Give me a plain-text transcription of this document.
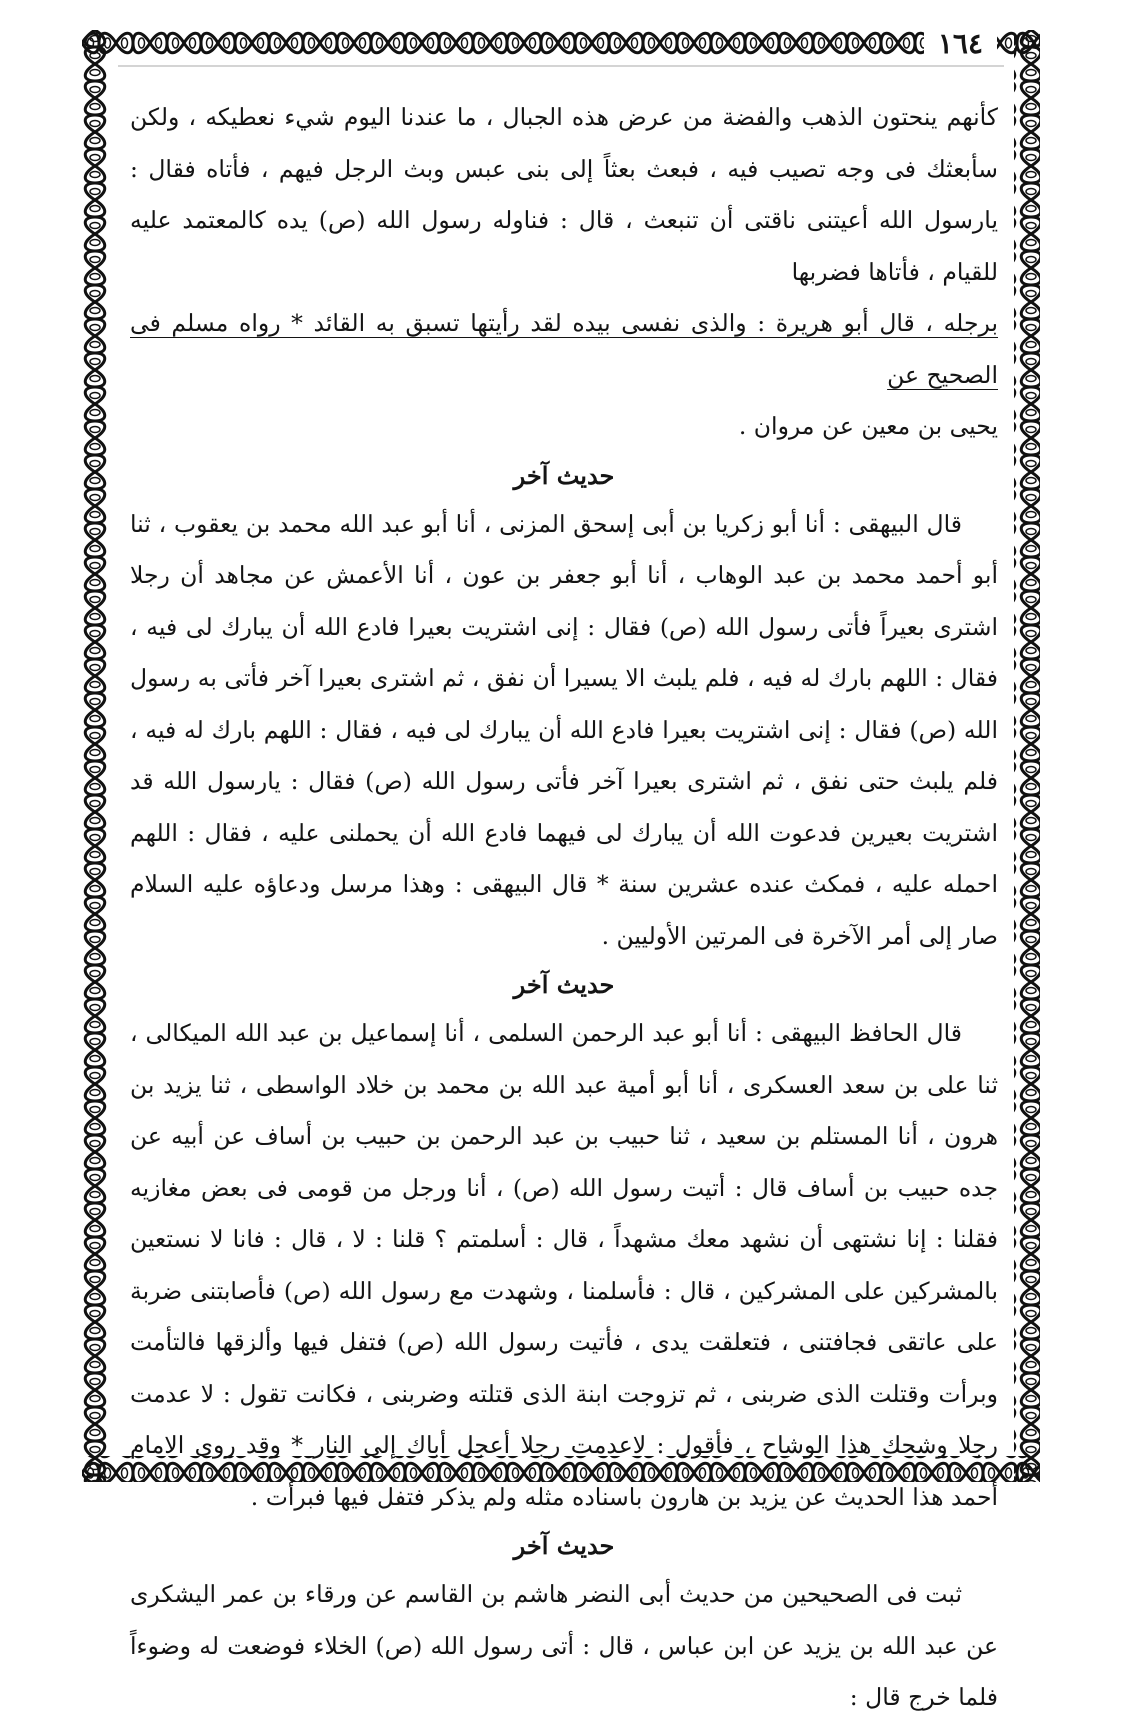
١٦٤

كأنهم ينحتون الذهب والفضة من عرض هذه الجبال ، ما عندنا اليوم شيء نعطيكه ، ولكن سأبعثك فى وجه تصيب فيه ، فبعث بعثاً إلى بنى عبس وبث الرجل فيهم ، فأتاه فقال : يارسول الله أعيتنى ناقتى أن تنبعث ، قال : فناوله رسول الله (ص) يده كالمعتمد عليه للقيام ، فأتاها فضربها

برجله ، قال أبو هريرة : والذى نفسى بيده لقد رأيتها تسبق به القائد * رواه مسلم فى الصحيح عن

يحيى بن معين عن مروان .

حديث آخر

قال البيهقى : أنا أبو زكريا بن أبى إسحق المزنى ، أنا أبو عبد الله محمد بن يعقوب ، ثنا أبو أحمد محمد بن عبد الوهاب ، أنا أبو جعفر بن عون ، أنا الأعمش عن مجاهد أن رجلا اشترى بعيراً فأتى رسول الله (ص) فقال : إنى اشتريت بعيرا فادع الله أن يبارك لى فيه ، فقال : اللهم بارك له فيه ، فلم يلبث الا يسيرا أن نفق ، ثم اشترى بعيرا آخر فأتى به رسول الله (ص) فقال : إنى اشتريت بعيرا فادع الله أن يبارك لى فيه ، فقال : اللهم بارك له فيه ، فلم يلبث حتى نفق ، ثم اشترى بعيرا آخر فأتى رسول الله (ص) فقال : يارسول الله قد اشتريت بعيرين فدعوت الله أن يبارك لى فيهما فادع الله أن يحملنى عليه ، فقال : اللهم احمله عليه ، فمكث عنده عشرين سنة * قال البيهقى : وهذا مرسل ودعاؤه عليه السلام صار إلى أمر الآخرة فى المرتين الأوليين .

حديث آخر

قال الحافظ البيهقى : أنا أبو عبد الرحمن السلمى ، أنا إسماعيل بن عبد الله الميكالى ، ثنا على بن سعد العسكرى ، أنا أبو أمية عبد الله بن محمد بن خلاد الواسطى ، ثنا يزيد بن هرون ، أنا المستلم بن سعيد ، ثنا حبيب بن عبد الرحمن بن حبيب بن أساف عن أبيه عن جده حبيب بن أساف قال : أتيت رسول الله (ص) ، أنا ورجل من قومى فى بعض مغازيه فقلنا : إنا نشتهى أن نشهد معك مشهداً ، قال : أسلمتم ؟ قلنا : لا ، قال : فانا لا نستعين بالمشركين على المشركين ، قال : فأسلمنا ، وشهدت مع رسول الله (ص) فأصابتنى ضربة على عاتقى فجافتنى ، فتعلقت يدى ، فأتيت رسول الله (ص) فتفل فيها وألزقها فالتأمت وبرأت وقتلت الذى ضربنى ، ثم تزوجت ابنة الذى قتلته وضربنى ، فكانت تقول : لا عدمت رجلا وشحك هذا الوشاح ، فأقول : لاعدمت رجلا أعجل أباك إلى النار * وقد روى الامام أحمد هذا الحديث عن يزيد بن هارون باسناده مثله ولم يذكر فتفل فيها فبرأت .

حديث آخر

ثبت فى الصحيحين من حديث أبى النضر هاشم بن القاسم عن ورقاء بن عمر اليشكرى عن عبد الله بن يزيد عن ابن عباس ، قال : أتى رسول الله (ص) الخلاء فوضعت له وضوءاً فلما خرج قال :
